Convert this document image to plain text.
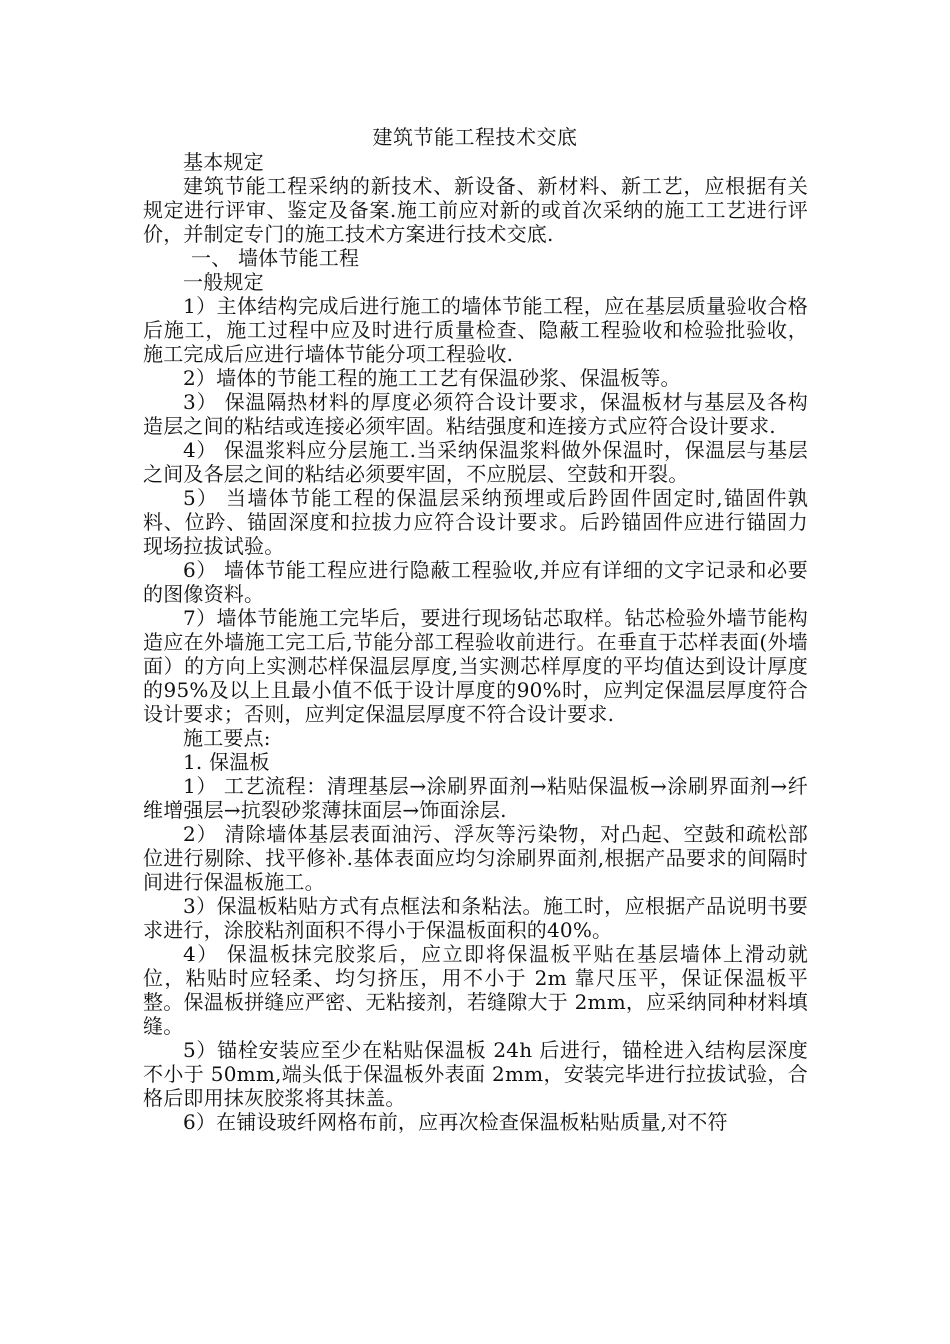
建筑节能工程技术交底

基本规定

建筑节能工程采纳的新技术、新设备、新材料、新工艺，应根据有关规定进行评审、鉴定及备案.施工前应对新的或首次采纳的施工工艺进行评价，并制定专门的施工技术方案进行技术交底.

一、 墙体节能工程

一般规定

1）主体结构完成后进行施工的墙体节能工程，应在基层质量验收合格后施工，施工过程中应及时进行质量检查、隐蔽工程验收和检验批验收，施工完成后应进行墙体节能分项工程验收.

2）墙体的节能工程的施工工艺有保温砂浆、保温板等。

3） 保温隔热材料的厚度必须符合设计要求，保温板材与基层及各构造层之间的粘结或连接必须牢固。粘结强度和连接方式应符合设计要求.

4） 保温浆料应分层施工.当采纳保温浆料做外保温时，保温层与基层之间及各层之间的粘结必须要牢固，不应脱层、空鼓和开裂。

5） 当墙体节能工程的保温层采纳预埋或后趻固件固定时,锚固件孰料、位趻、锚固深度和拉拔力应符合设计要求。后趻锚固件应进行锚固力现场拉拔试验。

6） 墙体节能工程应进行隐蔽工程验收,并应有详细的文字记录和必要的图像资料。

7）墙体节能施工完毕后，要进行现场钻芯取样。钻芯检验外墙节能构造应在外墙施工完工后,节能分部工程验收前进行。在垂直于芯样表面(外墙面）的方向上实测芯样保温层厚度,当实测芯样厚度的平均值达到设计厚度的95%及以上且最小值不低于设计厚度的90%时，应判定保温层厚度符合设计要求；否则，应判定保温层厚度不符合设计要求.

施工要点:

1. 保温板

1） 工艺流程：清理基层→涂刷界面剂→粘贴保温板→涂刷界面剂→纤维增强层→抗裂砂浆薄抹面层→饰面涂层.

2） 清除墙体基层表面油污、浮灰等污染物，对凸起、空鼓和疏松部位进行剔除、找平修补.基体表面应均匀涂刷界面剂,根据产品要求的间隔时间进行保温板施工。

3）保温板粘贴方式有点框法和条粘法。施工时，应根据产品说明书要求进行，涂胶粘剂面积不得小于保温板面积的40%。

4） 保温板抹完胶浆后，应立即将保温板平贴在基层墙体上滑动就位，粘贴时应轻柔、均匀挤压，用不小于 2m 靠尺压平，保证保温板平整。保温板拼缝应严密、无粘接剂，若缝隙大于 2mm，应采纳同种材料填缝。

5）锚栓安装应至少在粘贴保温板 24h 后进行，锚栓进入结构层深度不小于 50mm,端头低于保温板外表面 2mm，安装完毕进行拉拔试验，合格后即用抹灰胶浆将其抹盖。

6）在铺设玻纤网格布前，应再次检查保温板粘贴质量,对不符
